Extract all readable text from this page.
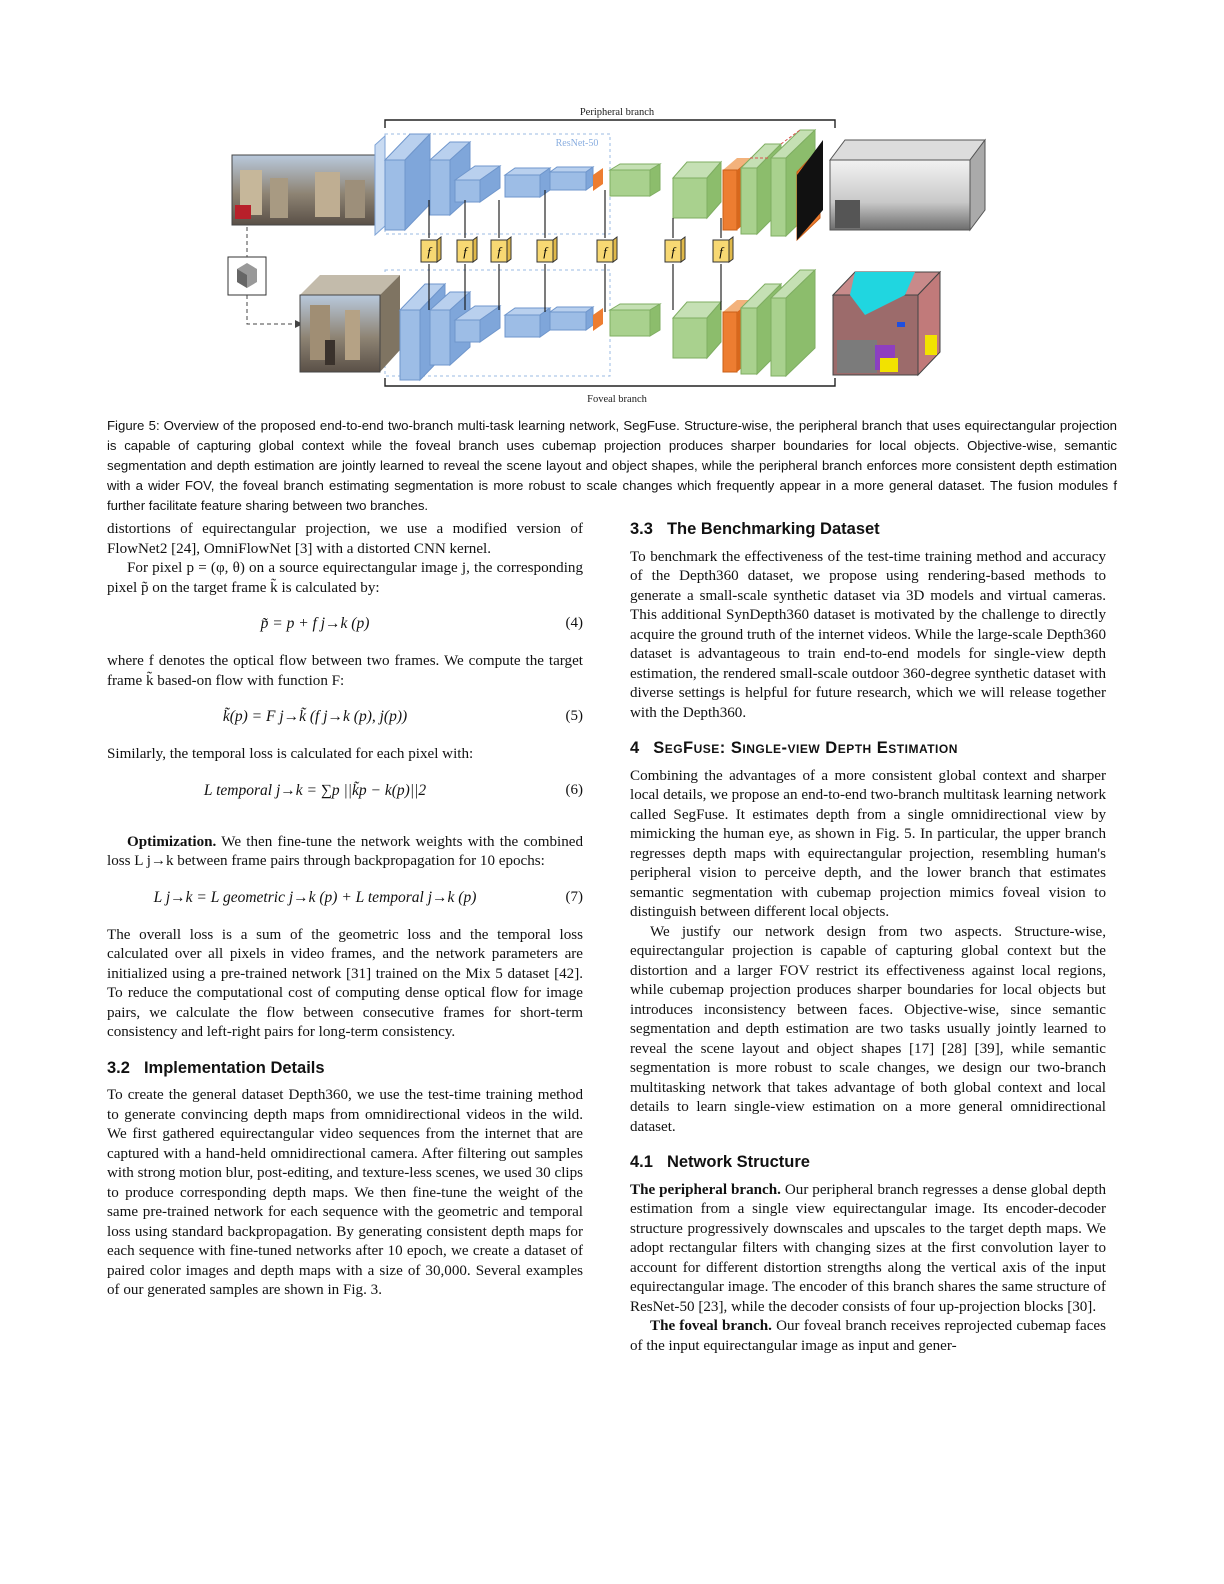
Peripheral branch
Foveal branch
ResNet-50
f f f	f	f	f	f
Figure 5: Overview of the proposed end-to-end two-branch multi-task learning network, SegFuse. Structure-wise, the peripheral branch that uses equirectangular projection is capable of capturing global context while the foveal branch uses cubemap projection produces sharper boundaries for local objects. Objective-wise, semantic segmentation and depth estimation are jointly learned to reveal the scene layout and object shapes, while the peripheral branch enforces more consistent depth estimation with a wider FOV, the foveal branch estimating segmentation is more robust to scale changes which frequently appear in a more general dataset. The fusion modules f further facilitate feature sharing between two branches.

distortions of equirectangular projection, we use a modified version of FlowNet2 [24], OmniFlowNet [3] with a distorted CNN kernel.

For pixel p = (φ, θ) on a source equirectangular image j, the corresponding pixel p̃ on the target frame k̃ is calculated by:

p̃ = p + f j→k (p)	(4)

where f denotes the optical flow between two frames. We compute the target frame k̃ based-on flow with function F:

k̃(p) = F j→k̃ (f j→k (p), j(p))	(5)

Similarly, the temporal loss is calculated for each pixel with:

L temporal j→k = ∑p ||k̃p − k(p)||2	(6)

Optimization. We then fine-tune the network weights with the combined loss L j→k between frame pairs through backpropagation for 10 epochs:

L j→k = L geometric j→k (p) + L temporal j→k (p)	(7)

The overall loss is a sum of the geometric loss and the temporal loss calculated over all pixels in video frames, and the network parameters are initialized using a pre-trained network [31] trained on the Mix 5 dataset [42]. To reduce the computational cost of computing dense optical flow for image pairs, we calculate the flow between consecutive frames for short-term consistency and left-right pairs for long-term consistency.

3.2 Implementation Details

To create the general dataset Depth360, we use the test-time training method to generate convincing depth maps from omnidirectional videos in the wild. We first gathered equirectangular video sequences from the internet that are captured with a hand-held omnidirectional camera. After filtering out samples with strong motion blur, post-editing, and texture-less scenes, we used 30 clips to produce corresponding depth maps. We then fine-tune the weight of the same pre-trained network for each sequence with the geometric and temporal loss using standard backpropagation. By generating consistent depth maps for each sequence with fine-tuned networks after 10 epoch, we create a dataset of paired color images and depth maps with a size of 30,000. Several examples of our generated samples are shown in Fig. 3.

3.3 The Benchmarking Dataset

To benchmark the effectiveness of the test-time training method and accuracy of the Depth360 dataset, we propose using rendering-based methods to generate a small-scale synthetic dataset via 3D models and virtual cameras. This additional SynDepth360 dataset is motivated by the challenge to directly acquire the ground truth of the internet videos. While the large-scale Depth360 dataset is advantageous to train end-to-end models for single-view depth estimation, the rendered small-scale outdoor 360-degree synthetic dataset with diverse settings is helpful for future research, which we will release together with the Depth360.

4 SegFuse: Single-view Depth Estimation

Combining the advantages of a more consistent global context and sharper local details, we propose an end-to-end two-branch multitask learning network called SegFuse. It estimates depth from a single omnidirectional view by mimicking the human eye, as shown in Fig. 5. In particular, the upper branch regresses depth maps with equirectangular projection, resembling human's peripheral vision to perceive depth, and the lower branch that estimates semantic segmentation with cubemap projection mimics foveal vision to distinguish between different local objects.

We justify our network design from two aspects. Structure-wise, equirectangular projection is capable of capturing global context but the distortion and a larger FOV restrict its effectiveness against local regions, while cubemap projection produces sharper boundaries for local objects but introduces inconsistency between faces. Objective-wise, since semantic segmentation and depth estimation are two tasks usually jointly learned to reveal the scene layout and object shapes [17] [28] [39], while semantic segmentation is more robust to scale changes, we design our two-branch multitasking network that takes advantage of both global context and local details to learn single-view estimation on a more general omnidirectional dataset.

4.1 Network Structure

The peripheral branch. Our peripheral branch regresses a dense global depth estimation from a single view equirectangular image. Its encoder-decoder structure progressively downscales and upscales to the target depth maps. We adopt rectangular filters with changing sizes at the first convolution layer to account for different distortion strengths along the vertical axis of the input equirectangular image. The encoder of this branch shares the same structure of ResNet-50 [23], while the decoder consists of four up-projection blocks [30].

The foveal branch. Our foveal branch receives reprojected cubemap faces of the input equirectangular image as input and gener-
